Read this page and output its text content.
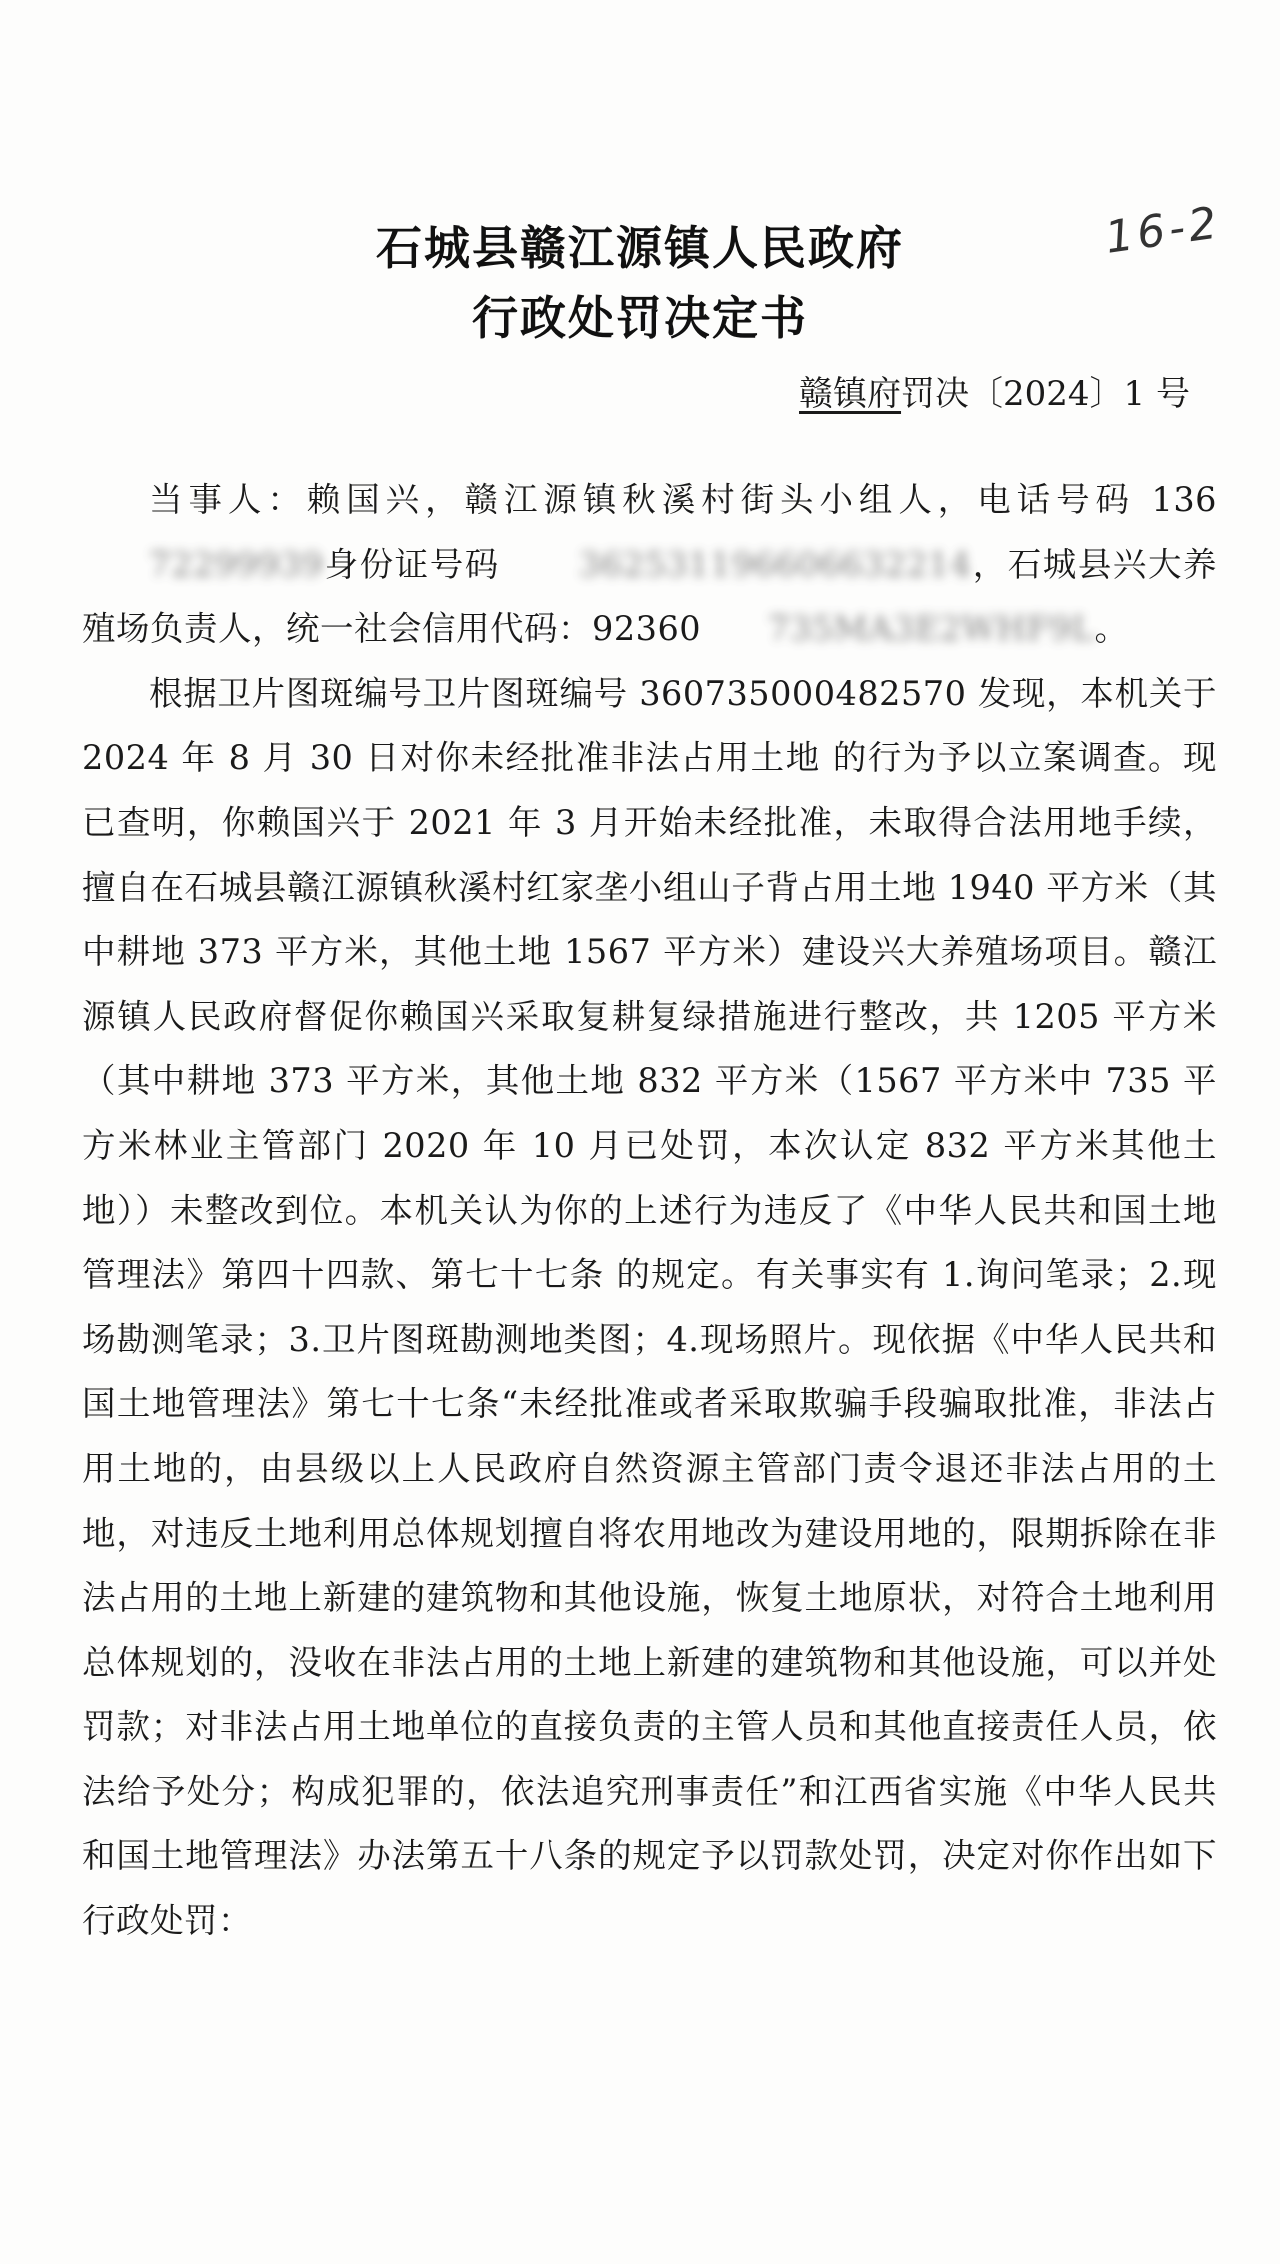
石城县赣江源镇人民政府
行政处罚决定书
16-2
赣镇府罚决〔2024〕1 号

当事人：赖国兴，赣江源镇秋溪村街头小组人，电话号码 13672299939身份证号码 362531196606632214，石城县兴大养殖场负责人，统一社会信用代码：92360 735MA3E2WHF9L。

根据卫片图斑编号卫片图斑编号 360735000482570 发现，本机关于 2024 年 8 月 30 日对你未经批准非法占用土地 的行为予以立案调查。现已查明，你赖国兴于 2021 年 3 月开始未经批准，未取得合法用地手续，擅自在石城县赣江源镇秋溪村红家垄小组山子背占用土地 1940 平方米（其中耕地 373 平方米，其他土地 1567 平方米）建设兴大养殖场项目。赣江源镇人民政府督促你赖国兴采取复耕复绿措施进行整改，共 1205 平方米（其中耕地 373 平方米，其他土地 832 平方米（1567 平方米中 735 平方米林业主管部门 2020 年 10 月已处罚，本次认定 832 平方米其他土地））未整改到位。本机关认为你的上述行为违反了《中华人民共和国土地管理法》第四十四款、第七十七条 的规定。有关事实有 1.询问笔录；2.现场勘测笔录；3.卫片图斑勘测地类图；4.现场照片。现依据《中华人民共和国土地管理法》第七十七条“未经批准或者采取欺骗手段骗取批准，非法占用土地的，由县级以上人民政府自然资源主管部门责令退还非法占用的土地，对违反土地利用总体规划擅自将农用地改为建设用地的，限期拆除在非法占用的土地上新建的建筑物和其他设施，恢复土地原状，对符合土地利用总体规划的，没收在非法占用的土地上新建的建筑物和其他设施，可以并处罚款；对非法占用土地单位的直接负责的主管人员和其他直接责任人员，依法给予处分；构成犯罪的，依法追究刑事责任”和江西省实施《中华人民共和国土地管理法》办法第五十八条的规定予以罚款处罚，决定对你作出如下行政处罚：
